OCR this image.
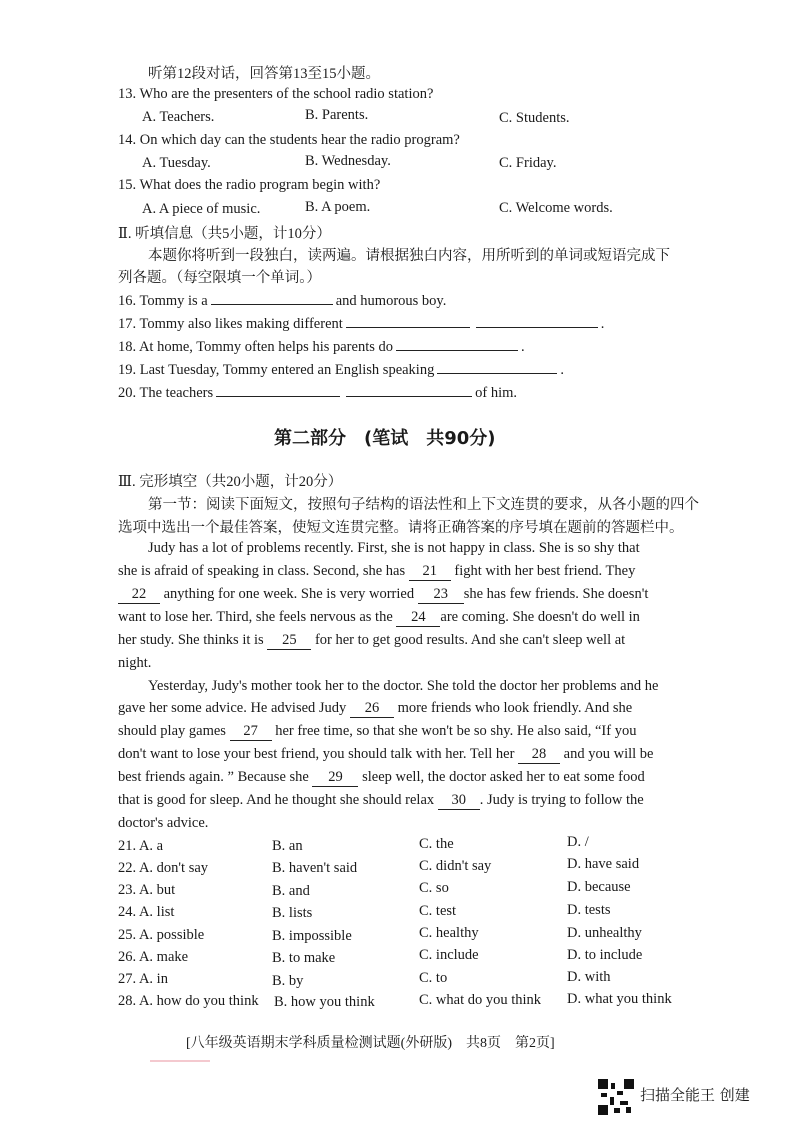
听第12段对话，回答第13至15小题。
13. Who are the presenters of the school radio station?
A. Teachers.	B. Parents.	C. Students.
14. On which day can the students hear the radio program?
A. Tuesday.	B. Wednesday.	C. Friday.
15. What does the radio program begin with?
A. A piece of music.	B. A poem.	C. Welcome words.
Ⅱ. 听填信息（共5小题，计10分）
本题你将听到一段独白，读两遍。请根据独白内容，用所听到的单词或短语完成下
列各题。（每空限填一个单词。）
16. Tommy is a	and humorous boy.
17. Tommy also likes making different	.
18. At home, Tommy often helps his parents do	.
19. Last Tuesday, Tommy entered an English speaking	.
20. The teachers	of him.
第二部分　(笔试　共90分)
Ⅲ. 完形填空（共20小题，计20分）
第一节：阅读下面短文，按照句子结构的语法性和上下文连贯的要求，从各小题的四个
选项中选出一个最佳答案，使短文连贯完整。请将正确答案的序号填在题前的答题栏中。
Judy has a lot of problems recently. First, she is not happy in class. She is so shy that
she is afraid of speaking in class. Second, she has 21 fight with her best friend. They
22 anything for one week. She is very worried 23 she has few friends. She doesn't
want to lose her. Third, she feels nervous as the 24 are coming. She doesn't do well in
her study. She thinks it is 25 for her to get good results. And she can't sleep well at
night.
Yesterday, Judy's mother took her to the doctor. She told the doctor her problems and he
gave her some advice. He advised Judy 26 more friends who look friendly. And she
should play games 27 her free time, so that she won't be so shy. He also said, “If you
don't want to lose your best friend, you should talk with her. Tell her 28 and you will be
best friends again. ” Because she 29 sleep well, the doctor asked her to eat some food
that is good for sleep. And he thought she should relax 30 . Judy is trying to follow the
doctor's advice.
21. A. a	B. an	C. the	D. /
22. A. don't say	B. haven't said	C. didn't say	D. have said
23. A. but	B. and	C. so	D. because
24. A. list	B. lists	C. test	D. tests
25. A. possible	B. impossible	C. healthy	D. unhealthy
26. A. make	B. to make	C. include	D. to include
27. A. in	B. by	C. to	D. with
28. A. how do you think B. how you think	C. what do you think D. what you think
[八年级英语期末学科质量检测试题(外研版)　共8页　第2页]
扫描全能王 创建
